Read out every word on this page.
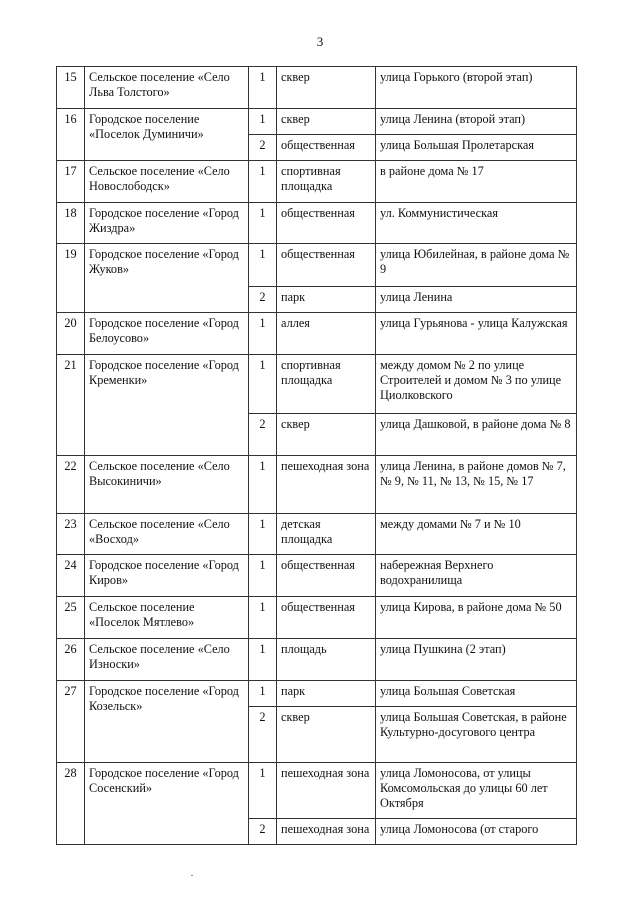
3
15	Сельское поселение «Село Льва Толстого»	1	сквер	улица Горького (второй этап)
16	Городское поселение «Поселок Думиничи»	1	сквер	улица Ленина (второй этап)
		2	общественная	улица Большая Пролетарская
17	Сельское поселение «Село Новослободск»	1	спортивная площадка	в районе дома № 17
18	Городское поселение «Город Жиздра»	1	общественная	ул. Коммунистическая
19	Городское поселение «Город Жуков»	1	общественная	улица Юбилейная, в районе дома № 9
		2	парк	улица Ленина
20	Городское поселение «Город Белоусово»	1	аллея	улица Гурьянова - улица Калужская
21	Городское поселение «Город Кременки»	1	спортивная площадка	между домом № 2 по улице Строителей и домом № 3 по улице Циолковского
		2	сквер	улица Дашковой, в районе дома № 8
22	Сельское поселение «Село Высокиничи»	1	пешеходная зона	улица Ленина, в районе домов № 7, № 9, № 11, № 13, № 15, № 17
23	Сельское поселение «Село «Восход»	1	детская площадка	между домами № 7 и № 10
24	Городское поселение «Город Киров»	1	общественная	набережная Верхнего водохранилища
25	Сельское поселение «Поселок Мятлево»	1	общественная	улица Кирова, в районе дома № 50
26	Сельское поселение «Село Износки»	1	площадь	улица Пушкина (2 этап)
27	Городское поселение «Город Козельск»	1	парк	улица Большая Советская
		2	сквер	улица Большая Советская, в районе Культурно-досугового центра
28	Городское поселение «Город Сосенский»	1	пешеходная зона	улица Ломоносова, от улицы Комсомольская до улицы 60 лет Октября
		2	пешеходная зона	улица Ломоносова (от старого
